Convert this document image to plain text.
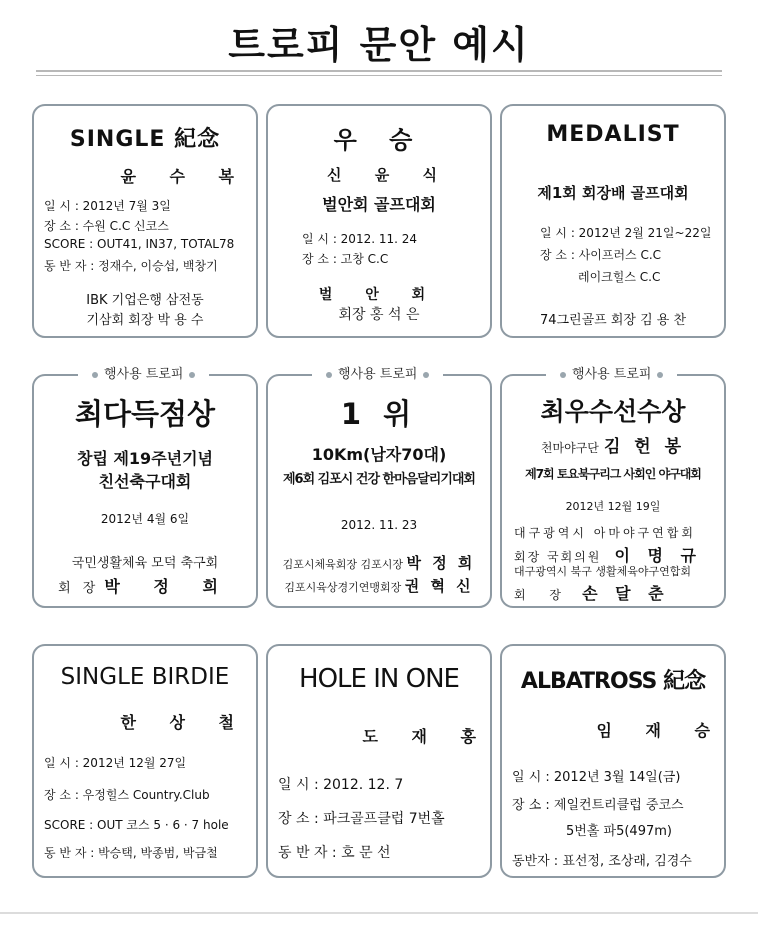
트로피 문안 예시
SINGLE 紀念
윤 수 복
일 시 : 2012년 7월 3일
장 소 : 수원 C.C 신코스
SCORE : OUT41, IN37, TOTAL78
동 반 자 : 정재수, 이승섭, 백창기
IBK 기업은행 삼전동
기삼회 회장 박 용 수
우 승
신 윤 식
벌안회 골프대회
일 시 : 2012. 11. 24
장 소 : 고창 C.C
벌 안 회
회장 홍 석 은
MEDALIST
제1회 회장배 골프대회
일 시 : 2012년 2월 21일~22일
장 소 : 사이프러스 C.C
레이크힐스 C.C
74그린골프 회장 김 용 찬
최다득점상
창립 제19주년기념
친선축구대회
2012년 4월 6일
국민생활체육 모덕 축구회
회 장 박 정 희
1 위
10Km(남자70대)
제6회 김포시 건강 한마음달리기대회
2012. 11. 23
김포시체육회장 김포시장 박 정 희
김포시육상경기연맹회장 권 혁 신
최우수선수상
천마야구단 김 헌 봉
제7회 토요북구리그 사회인 야구대회
2012년 12월 19일
대구광역시 아마야구연합회
회장 국회의원 이 명 규
대구광역시 북구 생활체육야구연합회
회 장 손 달 춘
행사용 트로피	행사용 트로피	행사용 트로피
SINGLE BIRDIE
한 상 철
일 시 : 2012년 12월 27일
장 소 : 우정힐스 Country.Club
SCORE : OUT 코스 5 · 6 · 7 hole
동 반 자 : 박승택, 박종범, 박금철
HOLE IN ONE
도 재 홍
일 시 : 2012. 12. 7
장 소 : 파크골프클럽 7번홀
동 반 자 : 호 문 선
ALBATROSS 紀念
임 재 승
일 시 : 2012년 3월 14일(금)
장 소 : 제일컨트리클럽 중코스
5번홀 파5(497m)
동반자 : 표선정, 조상래, 김경수
